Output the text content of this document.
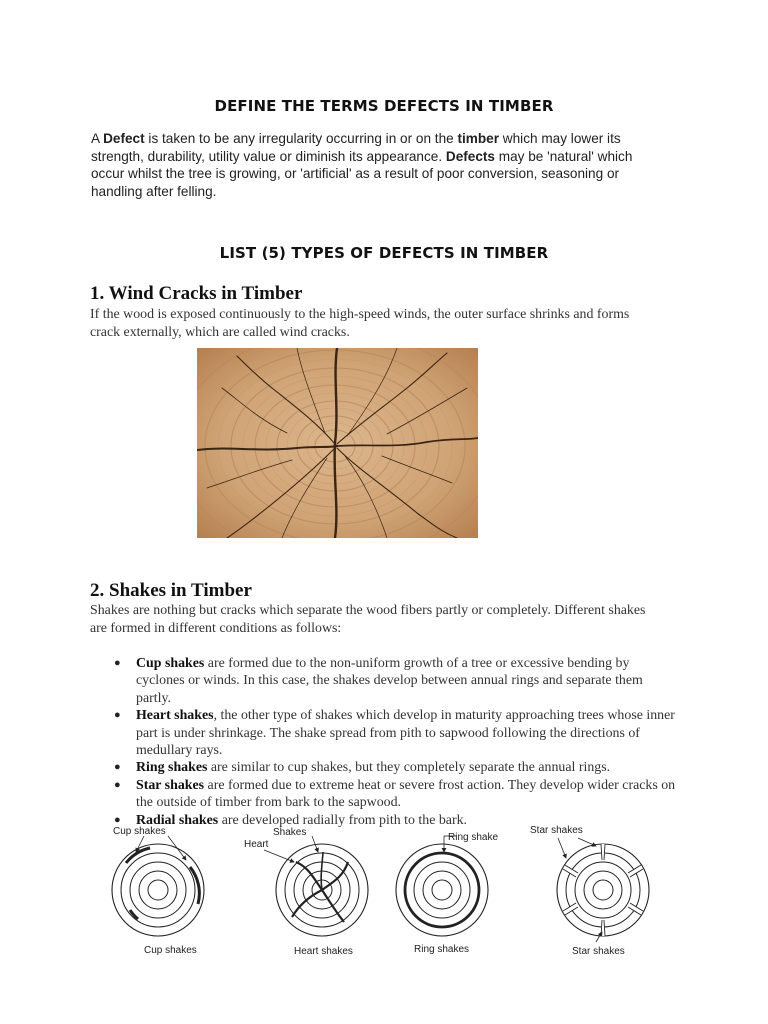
DEFINE THE TERMS DEFECTS IN TIMBER
A Defect is taken to be any irregularity occurring in or on the timber which may lower its strength, durability, utility value or diminish its appearance. Defects may be 'natural' which occur whilst the tree is growing, or 'artificial' as a result of poor conversion, seasoning or handling after felling.
LIST (5) TYPES OF DEFECTS IN TIMBER
1. Wind Cracks in Timber
If the wood is exposed continuously to the high-speed winds, the outer surface shrinks and forms crack externally, which are called wind cracks.
2. Shakes in Timber
Shakes are nothing but cracks which separate the wood fibers partly or completely. Different shakes are formed in different conditions as follows:
● Cup shakes are formed due to the non-uniform growth of a tree or excessive bending by cyclones or winds. In this case, the shakes develop between annual rings and separate them partly.
● Heart shakes, the other type of shakes which develop in maturity approaching trees whose inner part is under shrinkage. The shake spread from pith to sapwood following the directions of medullary rays.
● Ring shakes are similar to cup shakes, but they completely separate the annual rings.
● Star shakes are formed due to extreme heat or severe frost action. They develop wider cracks on the outside of timber from bark to the sapwood.
● Radial shakes are developed radially from pith to the bark.
Cup shakes
Cup shakes
Shakes
Heart
Heart shakes
Ring shake
Ring shakes
Star shakes
Star shakes
